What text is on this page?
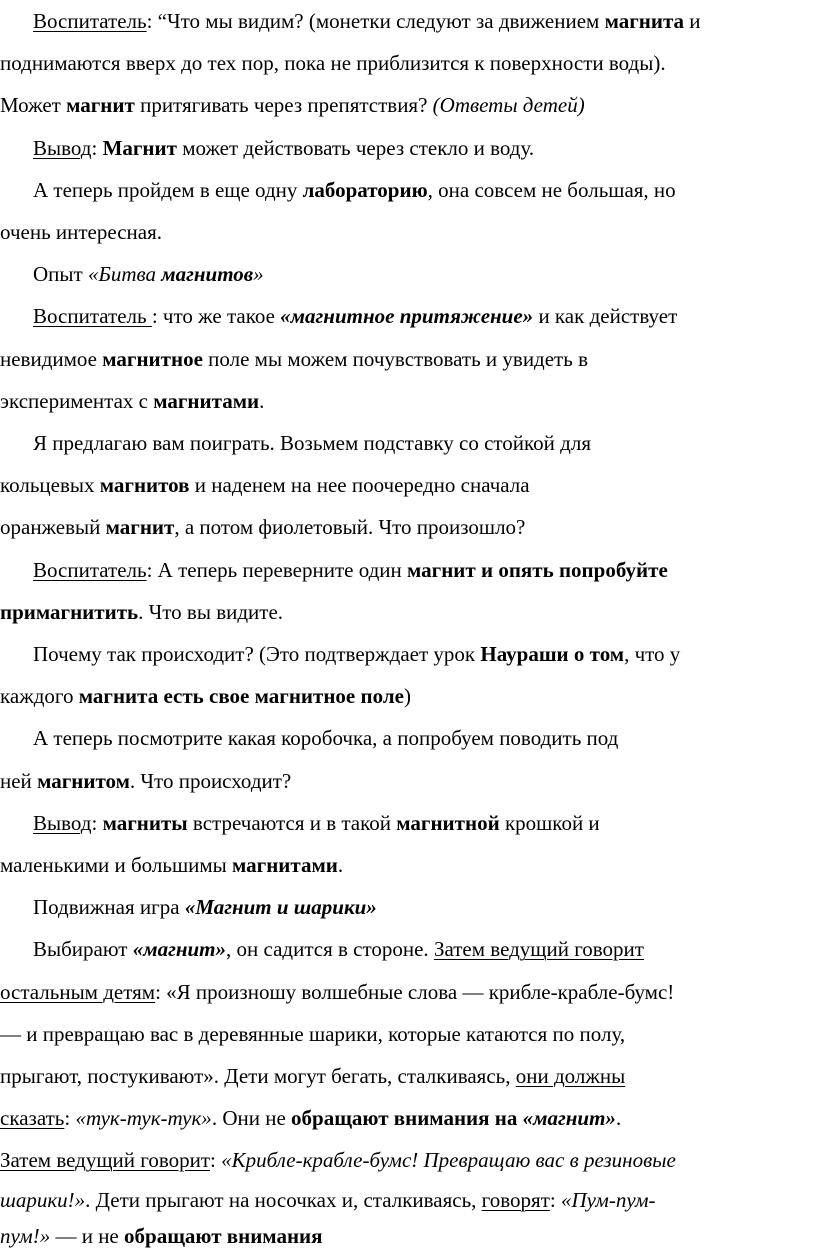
Воспитатель: “Что мы видим? (монетки следуют за движением магнита и

поднимаются вверх до тех пор, пока не приблизится к поверхности воды).

Может магнит притягивать через препятствия? (Ответы детей)

Вывод: Магнит может действовать через стекло и воду.

А теперь пройдем в еще одну лабораторию, она совсем не большая, но

очень интересная.

Опыт «Битва магнитов»

Воспитатель : что же такое «магнитное притяжение» и как действует

невидимое магнитное поле мы можем почувствовать и увидеть в

экспериментах с магнитами.

Я предлагаю вам поиграть. Возьмем подставку со стойкой для

кольцевых магнитов и наденем на нее поочередно сначала

оранжевый магнит, а потом фиолетовый. Что произошло?

Воспитатель: А теперь переверните один магнит и опять попробуйте

примагнитить. Что вы видите.

Почему так происходит? (Это подтверждает урок Наураши о том, что у

каждого магнита есть свое магнитное поле)

А теперь посмотрите какая коробочка, а попробуем поводить под

ней магнитом. Что происходит?

Вывод: магниты встречаются и в такой магнитной крошкой и

маленькими и большимы магнитами.

Подвижная игра «Магнит и шарики»

Выбирают «магнит», он садится в стороне. Затем ведущий говорит

остальным детям: «Я произношу волшебные слова — крибле-крабле-бумс!

— и превращаю вас в деревянные шарики, которые катаются по полу,

прыгают, постукивают». Дети могут бегать, сталкиваясь, они должны

сказать: «тук-тук-тук». Они не обращают внимания на «магнит».

Затем ведущий говорит: «Крибле-крабле-бумс! Превращаю вас в резиновые

шарики!». Дети прыгают на носочках и, сталкиваясь, говорят: «Пум-пум-

пум!» — и не обращают внимания
